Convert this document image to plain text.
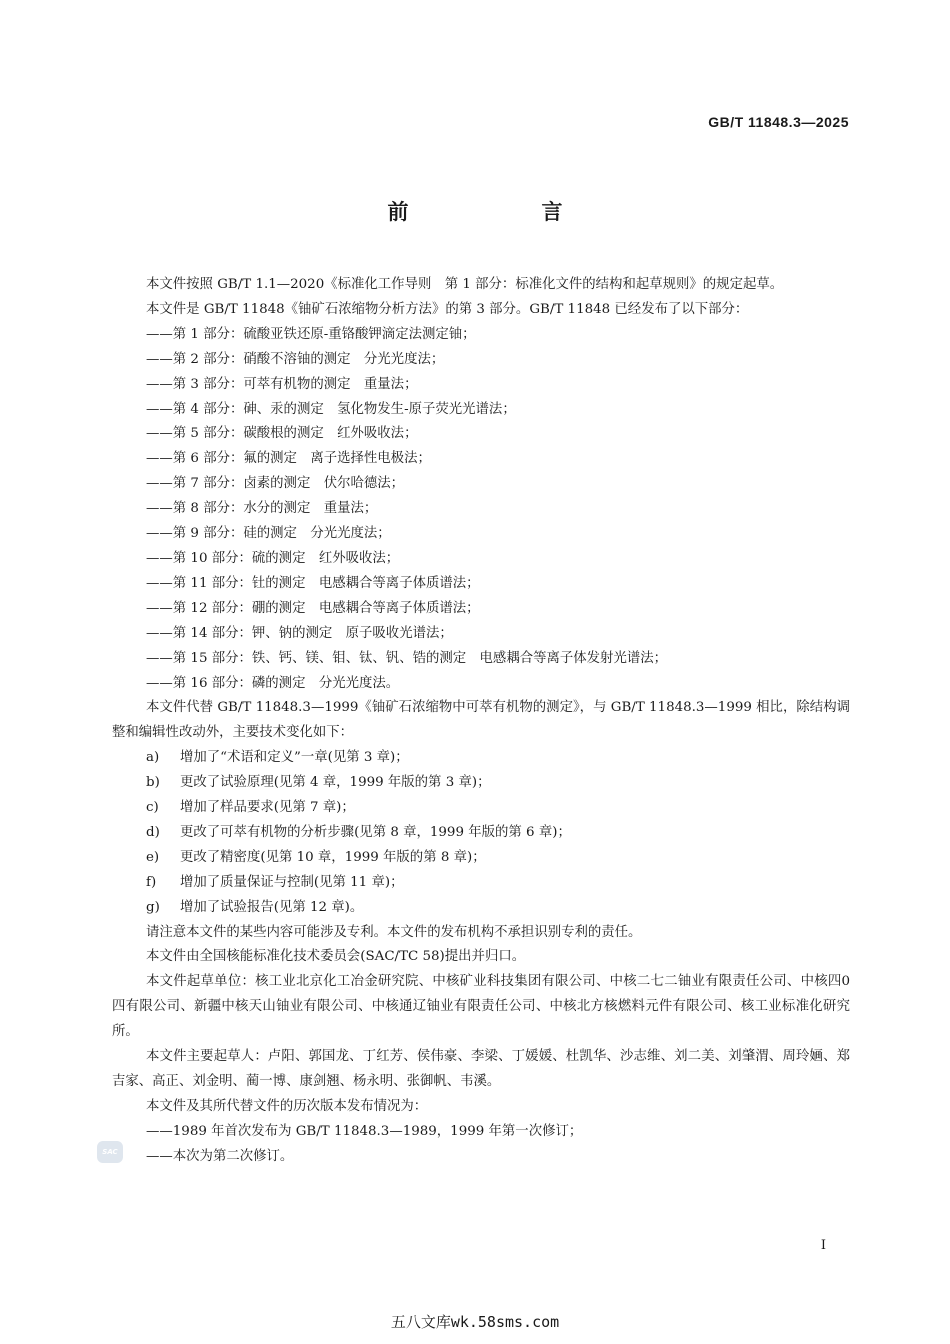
GB/T 11848.3—2025
前　言
本文件按照 GB/T 1.1—2020《标准化工作导则　第 1 部分：标准化文件的结构和起草规则》的规定起草。
本文件是 GB/T 11848《铀矿石浓缩物分析方法》的第 3 部分。GB/T 11848 已经发布了以下部分：
——第 1 部分：硫酸亚铁还原-重铬酸钾滴定法测定铀；
——第 2 部分：硝酸不溶铀的测定　分光光度法；
——第 3 部分：可萃有机物的测定　重量法；
——第 4 部分：砷、汞的测定　氢化物发生-原子荧光光谱法；
——第 5 部分：碳酸根的测定　红外吸收法；
——第 6 部分：氟的测定　离子选择性电极法；
——第 7 部分：卤素的测定　伏尔哈德法；
——第 8 部分：水分的测定　重量法；
——第 9 部分：硅的测定　分光光度法；
——第 10 部分：硫的测定　红外吸收法；
——第 11 部分：钍的测定　电感耦合等离子体质谱法；
——第 12 部分：硼的测定　电感耦合等离子体质谱法；
——第 14 部分：钾、钠的测定　原子吸收光谱法；
——第 15 部分：铁、钙、镁、钼、钛、钒、锆的测定　电感耦合等离子体发射光谱法；
——第 16 部分：磷的测定　分光光度法。
本文件代替 GB/T 11848.3—1999《铀矿石浓缩物中可萃有机物的测定》，与 GB/T 11848.3—1999 相比，除结构调整和编辑性改动外，主要技术变化如下：
a) 增加了“术语和定义”一章(见第 3 章)；
b) 更改了试验原理(见第 4 章，1999 年版的第 3 章)；
c) 增加了样品要求(见第 7 章)；
d) 更改了可萃有机物的分析步骤(见第 8 章，1999 年版的第 6 章)；
e) 更改了精密度(见第 10 章，1999 年版的第 8 章)；
f) 增加了质量保证与控制(见第 11 章)；
g) 增加了试验报告(见第 12 章)。
请注意本文件的某些内容可能涉及专利。本文件的发布机构不承担识别专利的责任。
本文件由全国核能标准化技术委员会(SAC/TC 58)提出并归口。
本文件起草单位：核工业北京化工冶金研究院、中核矿业科技集团有限公司、中核二七二铀业有限责任公司、中核四0四有限公司、新疆中核天山铀业有限公司、中核通辽铀业有限责任公司、中核北方核燃料元件有限公司、核工业标准化研究所。
本文件主要起草人：卢阳、郭国龙、丁红芳、侯伟豪、李梁、丁媛媛、杜凯华、沙志维、刘二美、刘肇渭、周玲婳、郑吉家、高正、刘金明、蔺一博、康剑翘、杨永明、张御帆、韦溪。
本文件及其所代替文件的历次版本发布情况为：
——1989 年首次发布为 GB/T 11848.3—1989，1999 年第一次修订；
——本次为第二次修订。
SAC
I
五八文库wk.58sms.com
